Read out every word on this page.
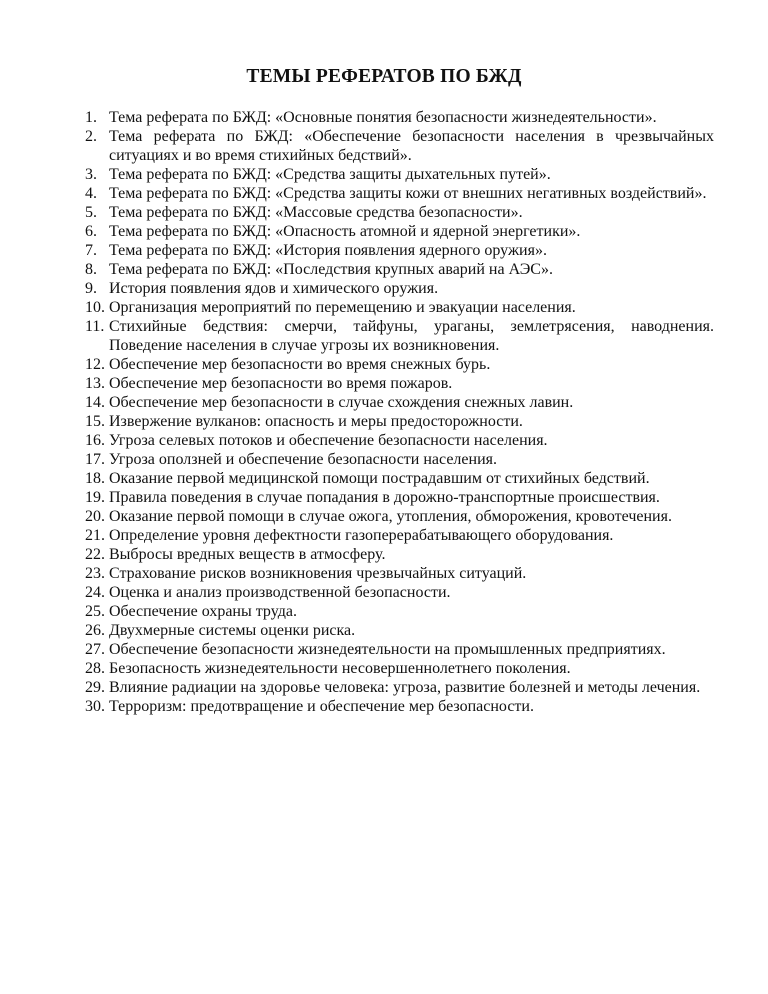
ТЕМЫ РЕФЕРАТОВ ПО БЖД
1. Тема реферата по БЖД: «Основные понятия безопасности жизнедеятельности».
2. Тема реферата по БЖД: «Обеспечение безопасности населения в чрезвычайных ситуациях и во время стихийных бедствий».
3. Тема реферата по БЖД: «Средства защиты дыхательных путей».
4. Тема реферата по БЖД: «Средства защиты кожи от внешних негативных воздействий».
5. Тема реферата по БЖД: «Массовые средства безопасности».
6. Тема реферата по БЖД: «Опасность атомной и ядерной энергетики».
7. Тема реферата по БЖД: «История появления ядерного оружия».
8. Тема реферата по БЖД: «Последствия крупных аварий на АЭС».
9. История появления ядов и химического оружия.
10. Организация мероприятий по перемещению и эвакуации населения.
11. Стихийные бедствия: смерчи, тайфуны, ураганы, землетрясения, наводнения. Поведение населения в случае угрозы их возникновения.
12. Обеспечение мер безопасности во время снежных бурь.
13. Обеспечение мер безопасности во время пожаров.
14. Обеспечение мер безопасности в случае схождения снежных лавин.
15. Извержение вулканов: опасность и меры предосторожности.
16. Угроза селевых потоков и обеспечение безопасности населения.
17. Угроза оползней и обеспечение безопасности населения.
18. Оказание первой медицинской помощи пострадавшим от стихийных бедствий.
19. Правила поведения в случае попадания в дорожно-транспортные происшествия.
20. Оказание первой помощи в случае ожога, утопления, обморожения, кровотечения.
21. Определение уровня дефектности газоперерабатывающего оборудования.
22. Выбросы вредных веществ в атмосферу.
23. Страхование рисков возникновения чрезвычайных ситуаций.
24. Оценка и анализ производственной безопасности.
25. Обеспечение охраны труда.
26. Двухмерные системы оценки риска.
27. Обеспечение безопасности жизнедеятельности на промышленных предприятиях.
28. Безопасность жизнедеятельности несовершеннолетнего поколения.
29. Влияние радиации на здоровье человека: угроза, развитие болезней и методы лечения.
30. Терроризм: предотвращение и обеспечение мер безопасности.
